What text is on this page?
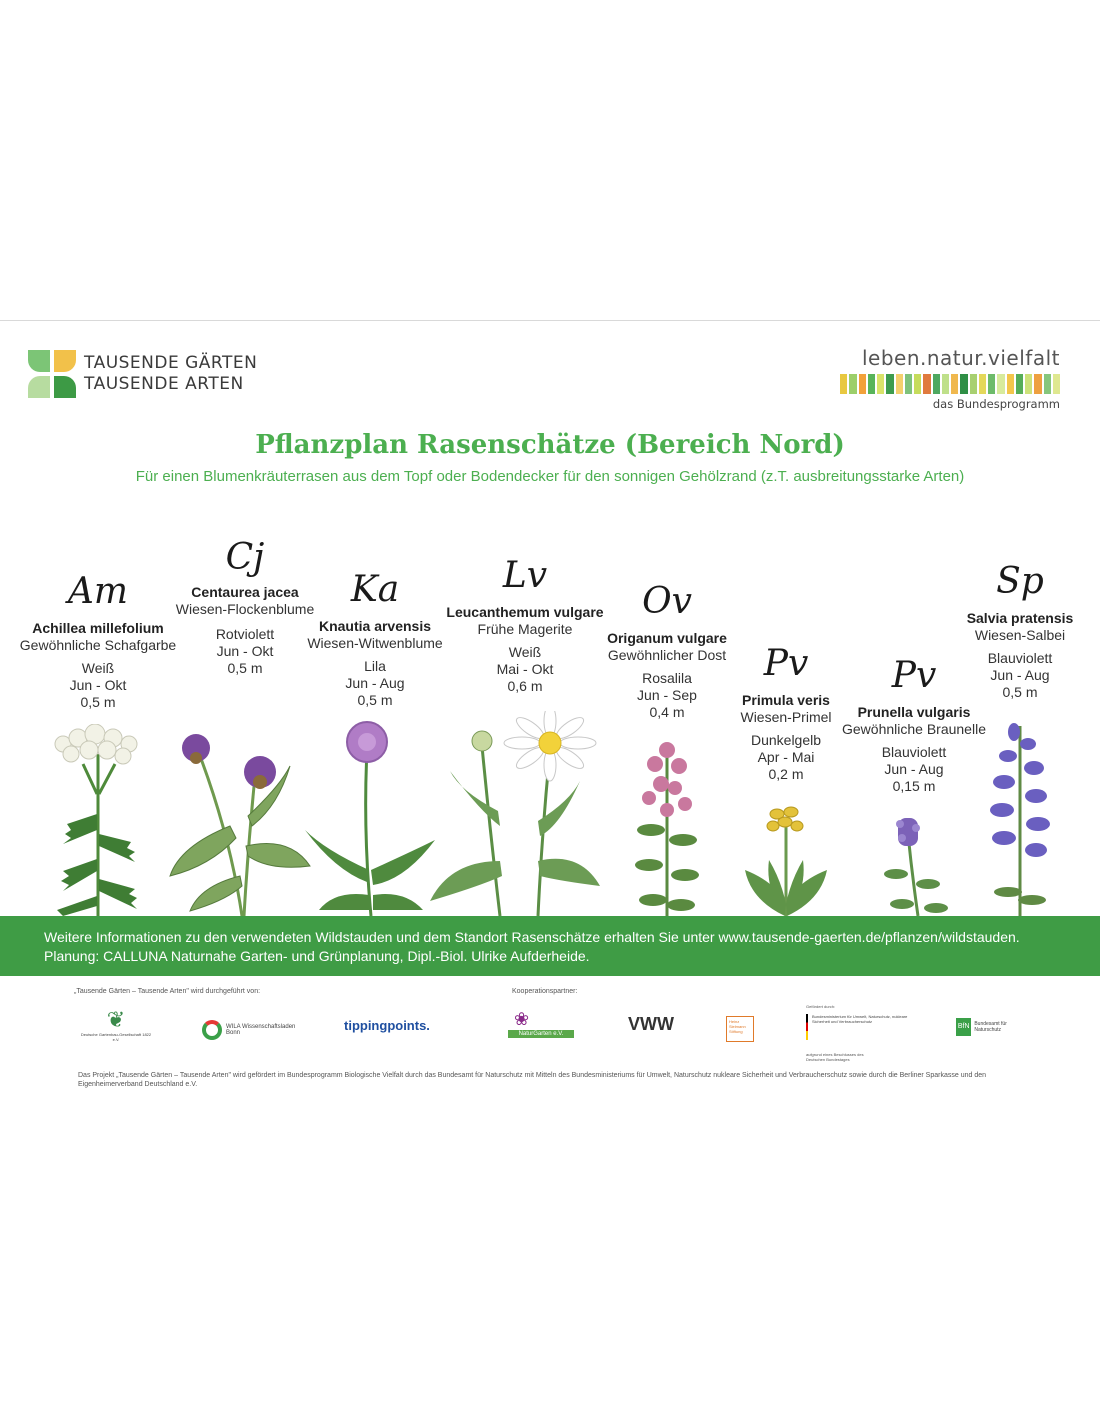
TAUSENDE GÄRTEN
TAUSENDE ARTEN
leben.natur.vielfalt
das Bundesprogramm
Pflanzplan Rasenschätze (Bereich Nord)
Für einen Blumenkräuterrasen aus dem Topf oder Bodendecker für den sonnigen Gehölzrand (z.T. ausbreitungsstarke Arten)
Am
Achillea millefolium
Gewöhnliche Schafgarbe
Weiß
Jun - Okt
0,5 m
Cj
Centaurea jacea
Wiesen-Flockenblume
Rotviolett
Jun - Okt
0,5 m
Ka
Knautia arvensis
Wiesen-Witwenblume
Lila
Jun - Aug
0,5 m
Lv
Leucanthemum vulgare
Frühe Magerite
Weiß
Mai - Okt
0,6 m
Ov
Origanum vulgare
Gewöhnlicher Dost
Rosalila
Jun - Sep
0,4 m
Pv
Primula veris
Wiesen-Primel
Dunkelgelb
Apr - Mai
0,2 m
Pv
Prunella vulgaris
Gewöhnliche Braunelle
Blauviolett
Jun - Aug
0,15 m
Sp
Salvia pratensis
Wiesen-Salbei
Blauviolett
Jun - Aug
0,5 m
Weitere Informationen zu den verwendeten Wildstauden und dem Standort Rasenschätze erhalten Sie unter www.tausende-gaerten.de/pflanzen/wildstauden.
Planung: CALLUNA Naturnahe Garten- und Grünplanung, Dipl.-Biol. Ulrike Aufderheide.
„Tausende Gärten – Tausende Arten" wird durchgeführt von:	Kooperationspartner:
Gefördert durch:
❦
Deutsche Gartenbau-Gesellschaft 1822 e.V.
WILA Wissenschaftsladen Bonn	tippingpoints.	❀
NaturGarten e.V.	VWW	Heinz Sielmann Stiftung
Bundesministerium für Umwelt, Naturschutz, nukleare Sicherheit und Verbraucherschutz
aufgrund eines Beschlusses des Deutschen Bundestages
BfN Bundesamt für Naturschutz
Das Projekt „Tausende Gärten – Tausende Arten" wird gefördert im Bundesprogramm Biologische Vielfalt durch das Bundesamt für Naturschutz mit Mitteln des Bundesministeriums für Umwelt, Naturschutz nukleare Sicherheit und Verbraucherschutz sowie durch die Berliner Sparkasse und den Eigenheimerverband Deutschland e.V.
